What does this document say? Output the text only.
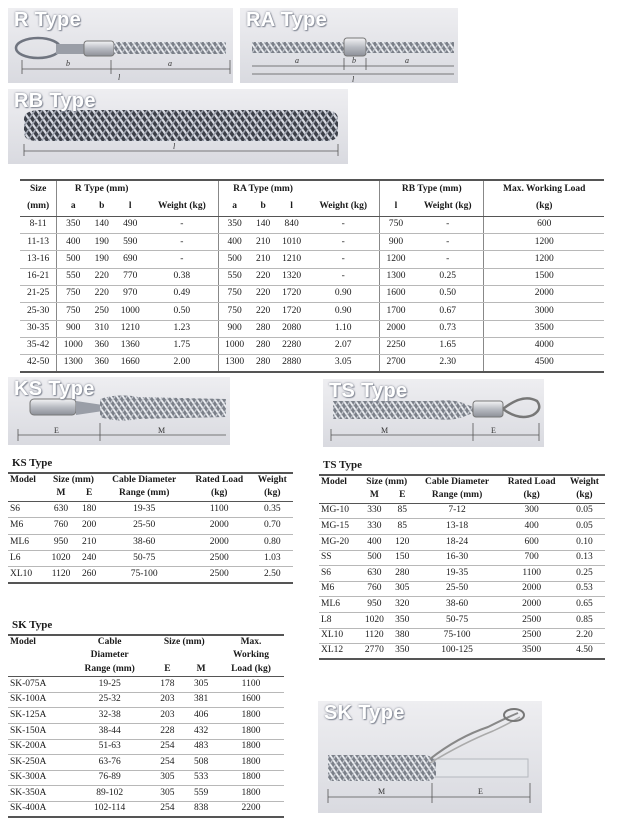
b	a
l
R Type
a	b	a
l
RA Type
l
RB Type
Size	R Type (mm)				RA Type (mm)				RB Type (mm)		Max. Working Load
(mm)	a	b	l	Weight (kg)	a	b	l	Weight (kg)	l	Weight (kg)	(kg)
8-11	350	140	490	-	350	140	840	-	750	-	600
11-13	400	190	590	-	400	210	1010	-	900	-	1200
13-16	500	190	690	-	500	210	1210	-	1200	-	1200
16-21	550	220	770	0.38	550	220	1320	-	1300	0.25	1500
21-25	750	220	970	0.49	750	220	1720	0.90	1600	0.50	2000
25-30	750	250	1000	0.50	750	220	1720	0.90	1700	0.67	3000
30-35	900	310	1210	1.23	900	280	2080	1.10	2000	0.73	3500
35-42	1000	360	1360	1.75	1000	280	2280	2.07	2250	1.65	4000
42-50	1300	360	1660	2.00	1300	280	2880	3.05	2700	2.30	4500
E	M
KS Type
M	E
TS Type
KS Type
Model	Size (mm)		Cable Diameter	Rated Load	Weight
	M	E	Range (mm)	(kg)	(kg)
S6	630	180	19-35	1100	0.35
M6	760	200	25-50	2000	0.70
ML6	950	210	38-60	2000	0.80
L6	1020	240	50-75	2500	1.03
XL10	1120	260	75-100	2500	2.50
TS Type
Model	Size (mm)		Cable Diameter	Rated Load	Weight
	M	E	Range (mm)	(kg)	(kg)
MG-10	330	85	7-12	300	0.05
MG-15	330	85	13-18	400	0.05
MG-20	400	120	18-24	600	0.10
SS	500	150	16-30	700	0.13
S6	630	280	19-35	1100	0.25
M6	760	305	25-50	2000	0.53
ML6	950	320	38-60	2000	0.65
L8	1020	350	50-75	2500	0.85
XL10	1120	380	75-100	2500	2.20
XL12	2770	350	100-125	3500	4.50
SK Type
Model	Cable	Size (mm)		Max.
	Diameter			Working
	Range (mm)	E	M	Load (kg)
SK-075A	19-25	178	305	1100
SK-100A	25-32	203	381	1600
SK-125A	32-38	203	406	1800
SK-150A	38-44	228	432	1800
SK-200A	51-63	254	483	1800
SK-250A	63-76	254	508	1800
SK-300A	76-89	305	533	1800
SK-350A	89-102	305	559	1800
SK-400A	102-114	254	838	2200
M	E
SK Type
